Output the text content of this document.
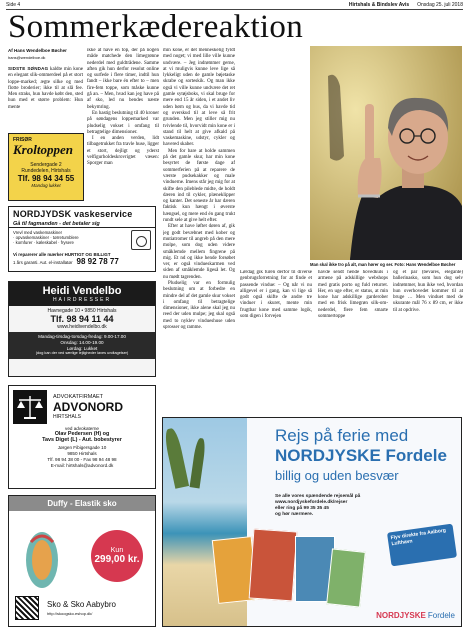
Side 4	Hirtshals & Bindslev Avis Onsdag 25. juli 2018
Sommerkædereaktion
Af Hans Wendelboe Bøcher
hans@wendelboe.dk

SIDSTE SØNDAG kaldte min kone en elegant slik-ommerdeel på et stort loppe-marked; ægte silke og med flotte broderier; ikke til at slå fee. Men straks, hun havde købt den, sted hun med et større problem: Hun mente

ikke at have en top, der på nogen måde matchede den limegrønne nederdel med guldtrådene. Samme aften gik hun derfor resolut online og surfede i flere timer, indtil hun fandt – ikke bare én efter to – men fire-fem toppe, som måske kunne gå an. – Men, hvad kan jeg have på af sko, led nu bendes næste bekymring.

En hastig beslutning til 40 kroner på søndagens loppemarked var pludselig vokset i omfang til betragtelige dimensioner.

I en anden verden, lidt tilbagetrukket fra travle huse, ligger et stort, dejligt og yderst velfigurholdeskrovrigtet væsen: Sporger man

min kone, er det menneskelig fyldt med noget; vi med lille ville kunne undvære. – Jeg indrømmer gerne, at vi muligvis kunne leve lige så lykkeligt uden de gamle bøjetaske skrabe og sorteskik. Og man ikke også vi ville kunne undvære det ret gamle sytøjsboks, vi skal bruge for mere end 15 år siden, i et andet liv uden børn og hus, da vi havde tid og overskud til at leve så frit grunden. Men jeg stiller mig nu tvivlende til, hvorvidt min kone er i stand til helt at give afkald på vaskemaskine, udstyr, cykler og havered skaber.

Men for bare at holde sammen på det gamle skur, har min kone besyrtet de første dage af sommerferien på at reparere de værste pudsekakker og male vinduerne. Imens står jeg mig for at skifte den pileblede midte, de holdt dæren ind til cykler, plæneklipper og kanter. Det seneste år har dæren faktisk kun hængt i øverste hængsel, og mere end én gang trukt rundt sele at give helt efter.

Efter at have løftet døren af, gik jeg godt bevæbnet med kober og mutiatromer til angreb på den mere molpe, som dog uden videre småklemde mellem fingrene på mig. Et nd og ikke hende forsøbet ver, er også vindueskarmen ved siden af småklemde ligeså let. Og nu mødt tagrenden.

Pludselig var en formulig beslutning om at forbedre en mindre del af det gamle skur vokset i omfang til betragtelige dimensioner, ikke alene skal jeg nu reed der uden mulpe; jeg skal også med to nyklev vindueshuse uden sprosser og ramme.

Man skal ikke tro på alt, man hører og ser. Foto: Hans Wendelboe Bøcher

Lørdag gik turen derfor til diverse genbrugsforretning for at finde et passende vindue: – Og når vi nu alligevel er i gang, kan vi lige så godt også skifte de andre tre vinduer i skuret, mente min frugtbar kone med samme logik, som digen i forvejen

havde sendt hende hovedkuls i armene på adskillige webshops med gratis porto og fuld returret. Her, en uge efter, er status, at min kone har adskillige garderober med en frisk limegrøn silk-om-nederdel, flere fem smarte sommertoppe

og et par (bevares, elegante) ballerinasko, som hun dog selv indrømmer, hun ikke ved, hvordan hun overhovedet kommer til at bruge … Men vinduet med de ukurante mål 76 x 89 cm, er ikke til at opdrive.

FRISØR
Kroltoppen
Sendergade 2
Rundedelen, Hirtshals
Tlf. 98 94 34 55
Mandag lukket
NORDJYDSK vaskeservice
Gå til fagmanden - det betaler sig
Vrevl med vaskemaskiner
· opvaskemaskiner · tørretumblere
· komfurer · køleskabel · frysere
Vi reparerer alle mærker HURTIGT OG BILLIGT
1 års garanti. Aut. el-installatør 98 92 78 77
Heidi Vendelbo
HAIRDRESSER
Havnegade 10 • 9850 Hirtshals
Tlf. 98 94 11 44
www.heidivendelbo.dk
Mandag-tirsdag-torsdag-fredag: 9.00-17.00
Onsdag: 14.00-19.00
Lørdag: Lukket
(dog kan der ved særlige lejligheder laves undtagelser)
ADVOKATFIRMAET
ADVONORD
HIRTSHALS
ved advokaterne
Olav Pedersen (H) og
Tavs Diget (L) - Aut. bobestyrer
Jørgen Fibigersgade 10
9850 Hirtshals
Tlf. 98 94 38 00 - Fax 98 94 48 98
E-mail: hirtshals@advonord.dk
Duffy - Elastik sko
Kun
299,00 kr.
Sko & Sko Aabybro
http://skoogsko.eshop.dk/
Rejs på ferie med
NORDJYSKE Fordele
billig og uden besvær
Se alle vores spændende rejsemål på
www.nordjyskefordele.dk/rejser
eller ring på 99 35 35 45
og hør nærmere.
Flyv direkte fra Aalborg Lufthavn
NORDJYSKE Fordele
